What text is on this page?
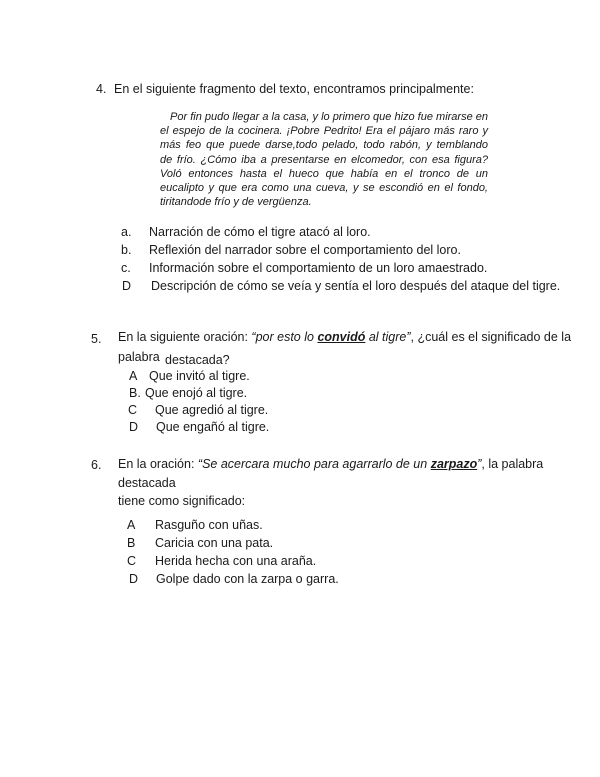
4. En el siguiente fragmento del texto, encontramos principalmente:
Por fin pudo llegar a la casa, y lo primero que hizo fue mirarse en
el espejo de la cocinera. ¡Pobre Pedrito! Era el pájaro más raro y
más feo que puede darse,todo pelado, todo rabón, y temblando
de frío. ¿Cómo iba a presentarse en elcomedor, con esa figura?
Voló entonces hasta el hueco que había en el tronco de un
eucalipto y que era como una cueva, y se escondió en el fondo,
tiritandode frío y de vergüenza.
a. Narración de cómo el tigre atacó al loro.
b. Reflexión del narrador sobre el comportamiento del loro.
c. Información sobre el comportamiento de un loro amaestrado.
D Descripción de cómo se veía y sentía el loro después del ataque del tigre.
5. En la siguiente oración: “por esto lo convidó al tigre”, ¿cuál es el significado de la
palabra destacada?
A Que invitó al tigre.
B. Que enojó al tigre.
C Que agredió al tigre.
D Que engañó al tigre.
6. En la oración: “Se acercara mucho para agarrarlo de un zarpazo”, la palabra
destacada
tiene como significado:
A Rasguño con uñas.
B Caricia con una pata.
C Herida hecha con una araña.
D Golpe dado con la zarpa o garra.
